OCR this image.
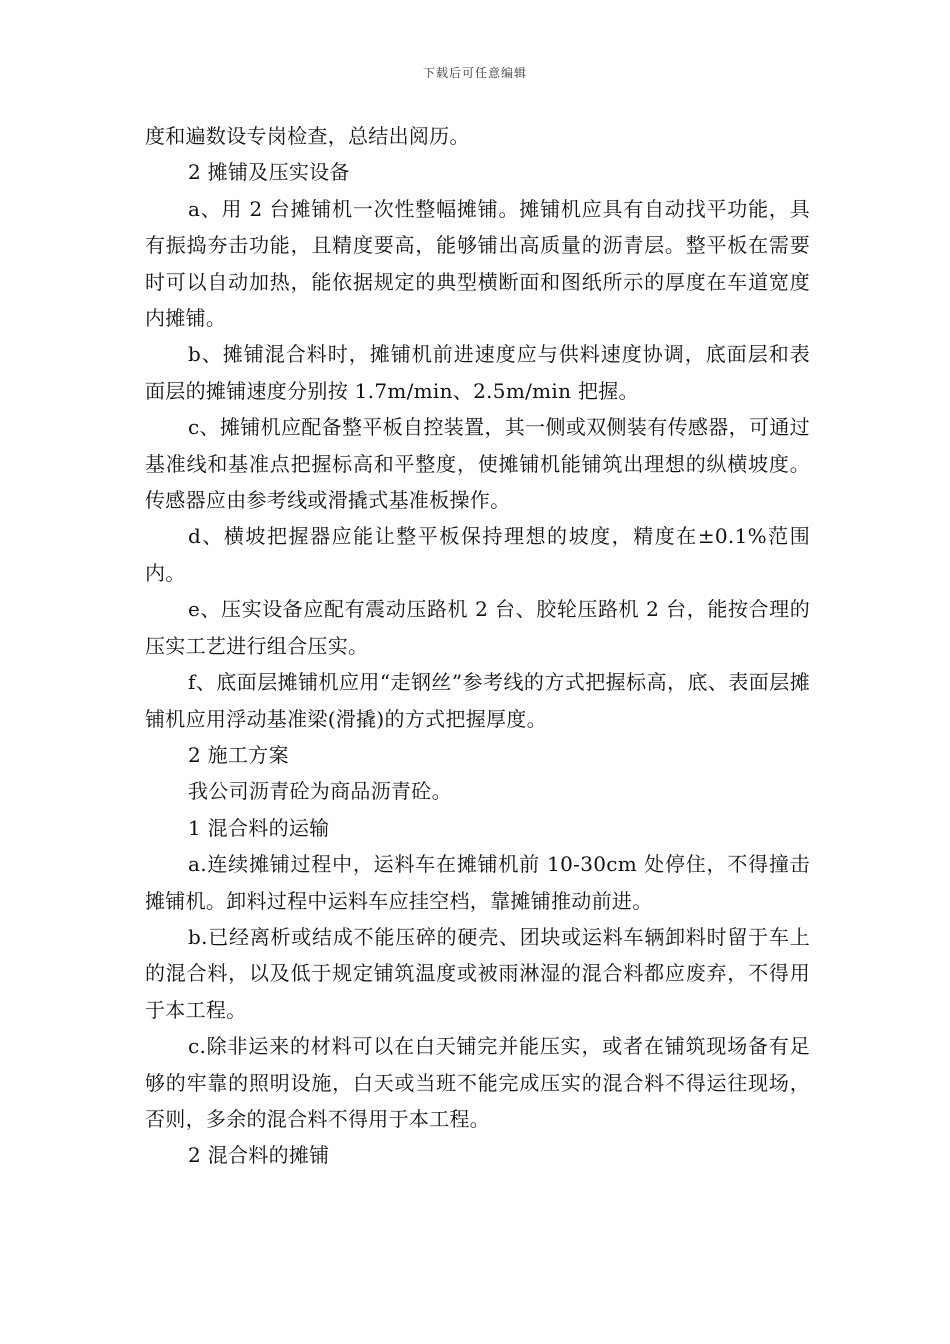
下载后可任意编辑

度和遍数设专岗检查，总结出阅历。

2 摊铺及压实设备

a、用 2 台摊铺机一次性整幅摊铺。摊铺机应具有自动找平功能，具有振捣夯击功能，且精度要高，能够铺出高质量的沥青层。整平板在需要时可以自动加热，能依据规定的典型横断面和图纸所示的厚度在车道宽度内摊铺。

b、摊铺混合料时，摊铺机前进速度应与供料速度协调，底面层和表面层的摊铺速度分别按 1.7m/min、2.5m/min 把握。

c、摊铺机应配备整平板自控装置，其一侧或双侧装有传感器，可通过基准线和基准点把握标高和平整度，使摊铺机能铺筑出理想的纵横坡度。传感器应由参考线或滑撬式基准板操作。

d、横坡把握器应能让整平板保持理想的坡度，精度在±0.1%范围内。

e、压实设备应配有震动压路机 2 台、胶轮压路机 2 台，能按合理的压实工艺进行组合压实。

f、底面层摊铺机应用“走钢丝”参考线的方式把握标高，底、表面层摊铺机应用浮动基准梁(滑撬)的方式把握厚度。

2 施工方案

我公司沥青砼为商品沥青砼。

1 混合料的运输

a.连续摊铺过程中，运料车在摊铺机前 10-30cm 处停住，不得撞击摊铺机。卸料过程中运料车应挂空档，靠摊铺推动前进。

b.已经离析或结成不能压碎的硬壳、团块或运料车辆卸料时留于车上的混合料，以及低于规定铺筑温度或被雨淋湿的混合料都应废弃，不得用于本工程。

c.除非运来的材料可以在白天铺完并能压实，或者在铺筑现场备有足够的牢靠的照明设施，白天或当班不能完成压实的混合料不得运往现场，否则，多余的混合料不得用于本工程。

2 混合料的摊铺
